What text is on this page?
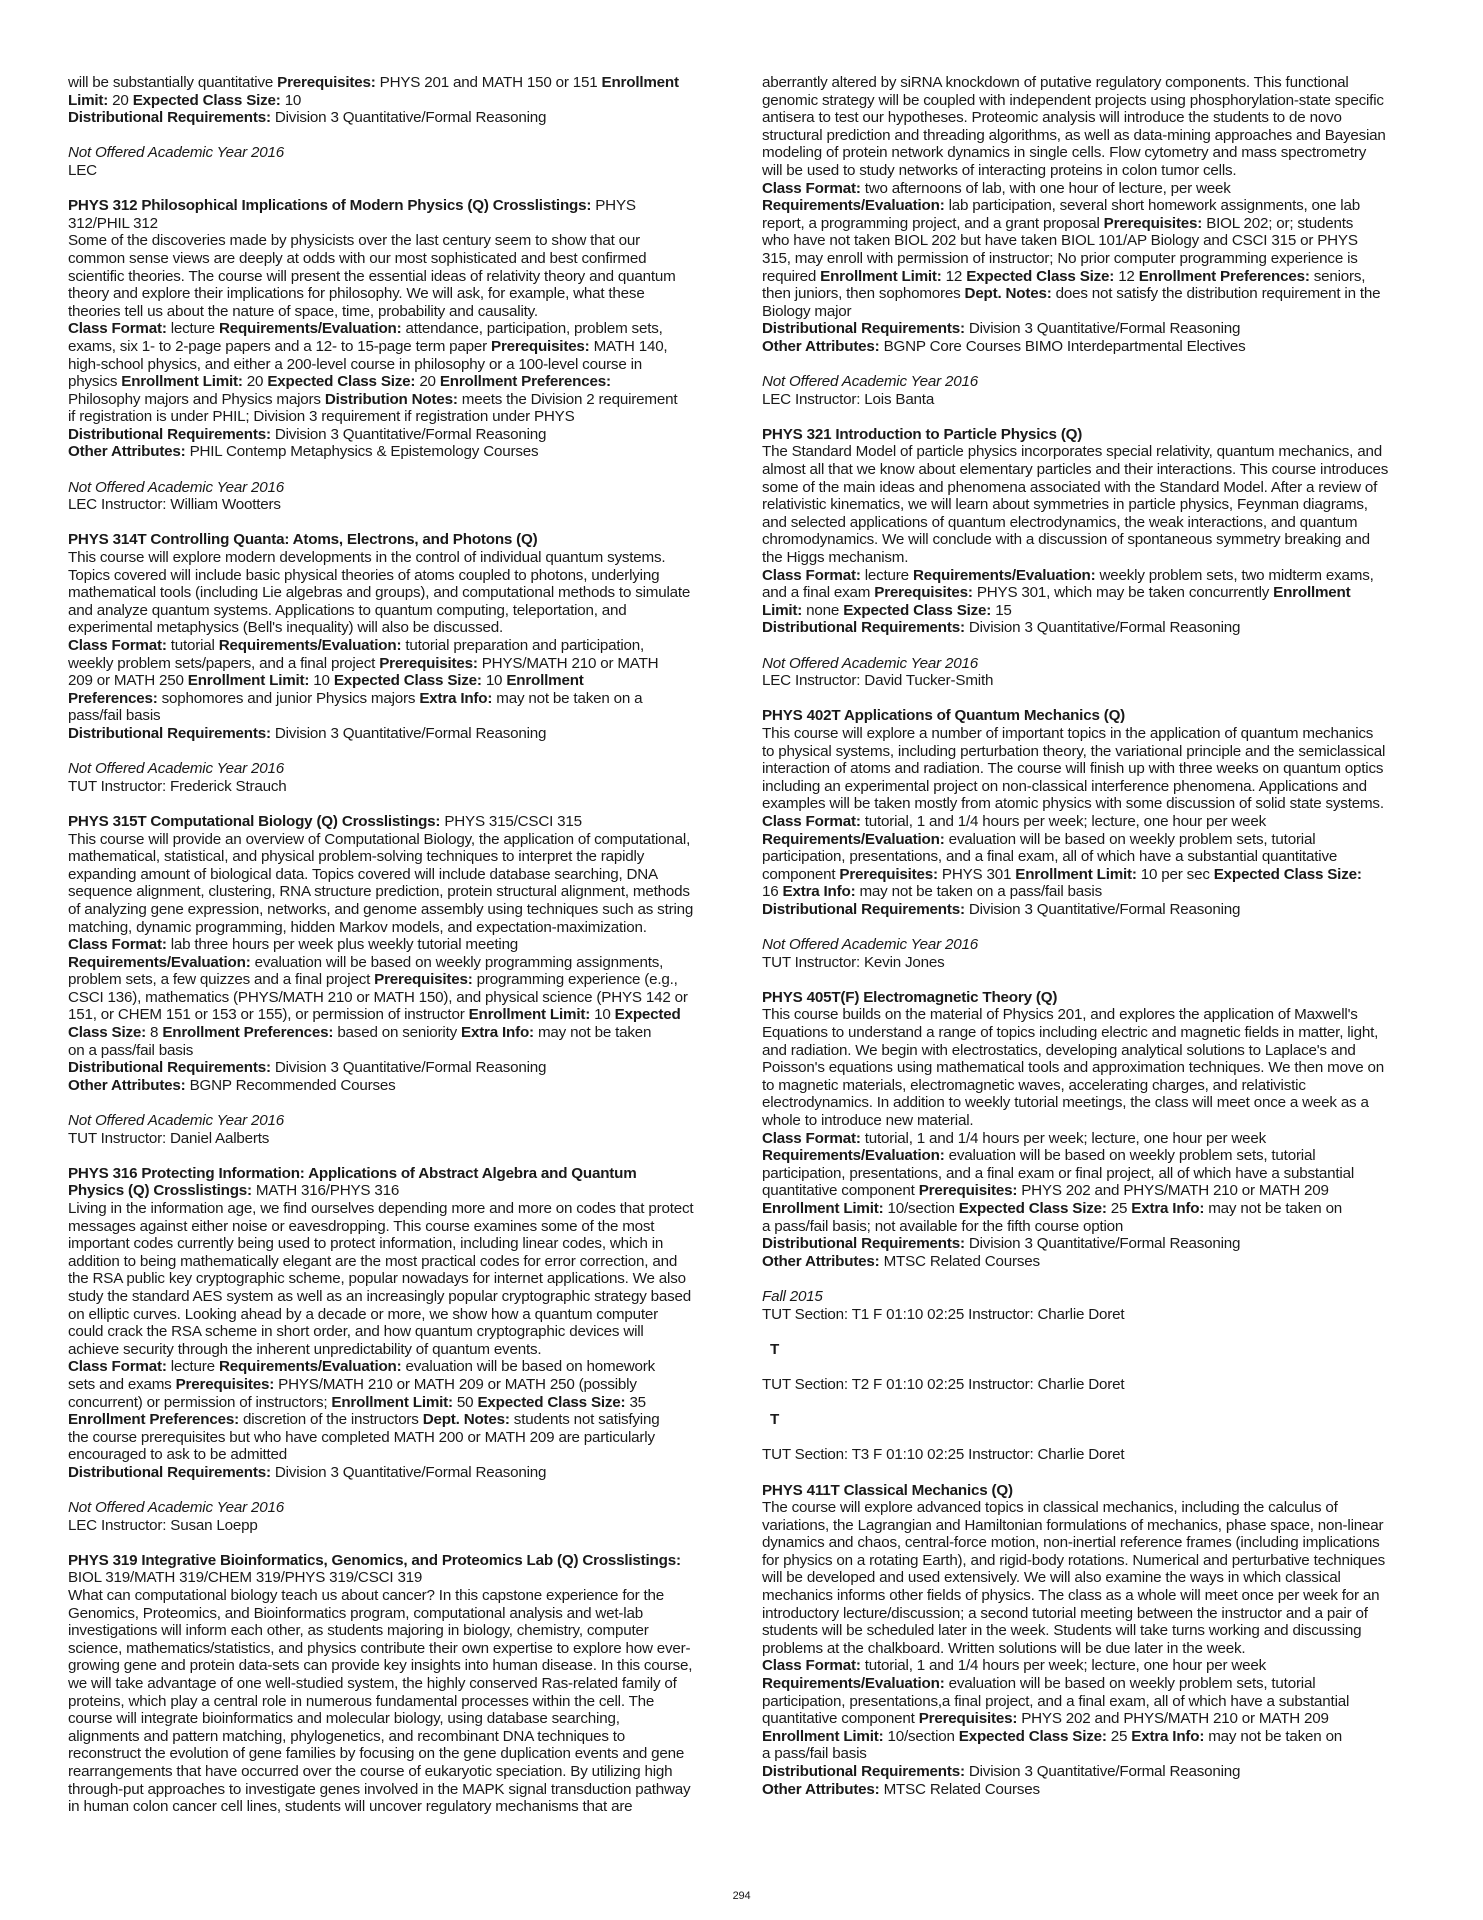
will be substantially quantitative Prerequisites: PHYS 201 and MATH 150 or 151 Enrollment

Limit: 20 Expected Class Size: 10

Distributional Requirements: Division 3 Quantitative/Formal Reasoning

Not Offered Academic Year 2016

LEC

PHYS 312 Philosophical Implications of Modern Physics (Q) Crosslistings: PHYS

312/PHIL 312

Some of the discoveries made by physicists over the last century seem to show that our

common sense views are deeply at odds with our most sophisticated and best confirmed

scientific theories. The course will present the essential ideas of relativity theory and quantum

theory and explore their implications for philosophy. We will ask, for example, what these

theories tell us about the nature of space, time, probability and causality.

Class Format: lecture Requirements/Evaluation: attendance, participation, problem sets,

exams, six 1- to 2-page papers and a 12- to 15-page term paper Prerequisites: MATH 140,

high-school physics, and either a 200-level course in philosophy or a 100-level course in

physics Enrollment Limit: 20 Expected Class Size: 20 Enrollment Preferences:

Philosophy majors and Physics majors Distribution Notes: meets the Division 2 requirement

if registration is under PHIL; Division 3 requirement if registration under PHYS

Distributional Requirements: Division 3 Quantitative/Formal Reasoning

Other Attributes: PHIL Contemp Metaphysics & Epistemology Courses

Not Offered Academic Year 2016

LEC Instructor: William Wootters

PHYS 314T Controlling Quanta: Atoms, Electrons, and Photons (Q)

This course will explore modern developments in the control of individual quantum systems.

Topics covered will include basic physical theories of atoms coupled to photons, underlying

mathematical tools (including Lie algebras and groups), and computational methods to simulate

and analyze quantum systems. Applications to quantum computing, teleportation, and

experimental metaphysics (Bell's inequality) will also be discussed.

Class Format: tutorial Requirements/Evaluation: tutorial preparation and participation,

weekly problem sets/papers, and a final project Prerequisites: PHYS/MATH 210 or MATH

209 or MATH 250 Enrollment Limit: 10 Expected Class Size: 10 Enrollment

Preferences: sophomores and junior Physics majors Extra Info: may not be taken on a

pass/fail basis

Distributional Requirements: Division 3 Quantitative/Formal Reasoning

Not Offered Academic Year 2016

TUT Instructor: Frederick Strauch

PHYS 315T Computational Biology (Q) Crosslistings: PHYS 315/CSCI 315

This course will provide an overview of Computational Biology, the application of computational,

mathematical, statistical, and physical problem-solving techniques to interpret the rapidly

expanding amount of biological data. Topics covered will include database searching, DNA

sequence alignment, clustering, RNA structure prediction, protein structural alignment, methods

of analyzing gene expression, networks, and genome assembly using techniques such as string

matching, dynamic programming, hidden Markov models, and expectation-maximization.

Class Format: lab three hours per week plus weekly tutorial meeting

Requirements/Evaluation: evaluation will be based on weekly programming assignments,

problem sets, a few quizzes and a final project Prerequisites: programming experience (e.g.,

CSCI 136), mathematics (PHYS/MATH 210 or MATH 150), and physical science (PHYS 142 or

151, or CHEM 151 or 153 or 155), or permission of instructor Enrollment Limit: 10 Expected

Class Size: 8 Enrollment Preferences: based on seniority Extra Info: may not be taken

on a pass/fail basis

Distributional Requirements: Division 3 Quantitative/Formal Reasoning

Other Attributes: BGNP Recommended Courses

Not Offered Academic Year 2016

TUT Instructor: Daniel Aalberts

PHYS 316 Protecting Information: Applications of Abstract Algebra and Quantum

Physics (Q) Crosslistings: MATH 316/PHYS 316

Living in the information age, we find ourselves depending more and more on codes that protect

messages against either noise or eavesdropping. This course examines some of the most

important codes currently being used to protect information, including linear codes, which in

addition to being mathematically elegant are the most practical codes for error correction, and

the RSA public key cryptographic scheme, popular nowadays for internet applications. We also

study the standard AES system as well as an increasingly popular cryptographic strategy based

on elliptic curves. Looking ahead by a decade or more, we show how a quantum computer

could crack the RSA scheme in short order, and how quantum cryptographic devices will

achieve security through the inherent unpredictability of quantum events.

Class Format: lecture Requirements/Evaluation: evaluation will be based on homework

sets and exams Prerequisites: PHYS/MATH 210 or MATH 209 or MATH 250 (possibly

concurrent) or permission of instructors; Enrollment Limit: 50 Expected Class Size: 35

Enrollment Preferences: discretion of the instructors Dept. Notes: students not satisfying

the course prerequisites but who have completed MATH 200 or MATH 209 are particularly

encouraged to ask to be admitted

Distributional Requirements: Division 3 Quantitative/Formal Reasoning

Not Offered Academic Year 2016

LEC Instructor: Susan Loepp

PHYS 319 Integrative Bioinformatics, Genomics, and Proteomics Lab (Q) Crosslistings:

BIOL 319/MATH 319/CHEM 319/PHYS 319/CSCI 319

What can computational biology teach us about cancer? In this capstone experience for the

Genomics, Proteomics, and Bioinformatics program, computational analysis and wet-lab

investigations will inform each other, as students majoring in biology, chemistry, computer

science, mathematics/statistics, and physics contribute their own expertise to explore how ever-

growing gene and protein data-sets can provide key insights into human disease. In this course,

we will take advantage of one well-studied system, the highly conserved Ras-related family of

proteins, which play a central role in numerous fundamental processes within the cell. The

course will integrate bioinformatics and molecular biology, using database searching,

alignments and pattern matching, phylogenetics, and recombinant DNA techniques to

reconstruct the evolution of gene families by focusing on the gene duplication events and gene

rearrangements that have occurred over the course of eukaryotic speciation. By utilizing high

through-put approaches to investigate genes involved in the MAPK signal transduction pathway

in human colon cancer cell lines, students will uncover regulatory mechanisms that are

aberrantly altered by siRNA knockdown of putative regulatory components. This functional

genomic strategy will be coupled with independent projects using phosphorylation-state specific

antisera to test our hypotheses. Proteomic analysis will introduce the students to de novo

structural prediction and threading algorithms, as well as data-mining approaches and Bayesian

modeling of protein network dynamics in single cells. Flow cytometry and mass spectrometry

will be used to study networks of interacting proteins in colon tumor cells.

Class Format: two afternoons of lab, with one hour of lecture, per week

Requirements/Evaluation: lab participation, several short homework assignments, one lab

report, a programming project, and a grant proposal Prerequisites: BIOL 202; or; students

who have not taken BIOL 202 but have taken BIOL 101/AP Biology and CSCI 315 or PHYS

315, may enroll with permission of instructor; No prior computer programming experience is

required Enrollment Limit: 12 Expected Class Size: 12 Enrollment Preferences: seniors,

then juniors, then sophomores Dept. Notes: does not satisfy the distribution requirement in the

Biology major

Distributional Requirements: Division 3 Quantitative/Formal Reasoning

Other Attributes: BGNP Core Courses BIMO Interdepartmental Electives

Not Offered Academic Year 2016

LEC Instructor: Lois Banta

PHYS 321 Introduction to Particle Physics (Q)

The Standard Model of particle physics incorporates special relativity, quantum mechanics, and

almost all that we know about elementary particles and their interactions. This course introduces

some of the main ideas and phenomena associated with the Standard Model. After a review of

relativistic kinematics, we will learn about symmetries in particle physics, Feynman diagrams,

and selected applications of quantum electrodynamics, the weak interactions, and quantum

chromodynamics. We will conclude with a discussion of spontaneous symmetry breaking and

the Higgs mechanism.

Class Format: lecture Requirements/Evaluation: weekly problem sets, two midterm exams,

and a final exam Prerequisites: PHYS 301, which may be taken concurrently Enrollment

Limit: none Expected Class Size: 15

Distributional Requirements: Division 3 Quantitative/Formal Reasoning

Not Offered Academic Year 2016

LEC Instructor: David Tucker-Smith

PHYS 402T Applications of Quantum Mechanics (Q)

This course will explore a number of important topics in the application of quantum mechanics

to physical systems, including perturbation theory, the variational principle and the semiclassical

interaction of atoms and radiation. The course will finish up with three weeks on quantum optics

including an experimental project on non-classical interference phenomena. Applications and

examples will be taken mostly from atomic physics with some discussion of solid state systems.

Class Format: tutorial, 1 and 1/4 hours per week; lecture, one hour per week

Requirements/Evaluation: evaluation will be based on weekly problem sets, tutorial

participation, presentations, and a final exam, all of which have a substantial quantitative

component Prerequisites: PHYS 301 Enrollment Limit: 10 per sec Expected Class Size:

16 Extra Info: may not be taken on a pass/fail basis

Distributional Requirements: Division 3 Quantitative/Formal Reasoning

Not Offered Academic Year 2016

TUT Instructor: Kevin Jones

PHYS 405T(F) Electromagnetic Theory (Q)

This course builds on the material of Physics 201, and explores the application of Maxwell's

Equations to understand a range of topics including electric and magnetic fields in matter, light,

and radiation. We begin with electrostatics, developing analytical solutions to Laplace's and

Poisson's equations using mathematical tools and approximation techniques. We then move on

to magnetic materials, electromagnetic waves, accelerating charges, and relativistic

electrodynamics. In addition to weekly tutorial meetings, the class will meet once a week as a

whole to introduce new material.

Class Format: tutorial, 1 and 1/4 hours per week; lecture, one hour per week

Requirements/Evaluation: evaluation will be based on weekly problem sets, tutorial

participation, presentations, and a final exam or final project, all of which have a substantial

quantitative component Prerequisites: PHYS 202 and PHYS/MATH 210 or MATH 209

Enrollment Limit: 10/section Expected Class Size: 25 Extra Info: may not be taken on

a pass/fail basis; not available for the fifth course option

Distributional Requirements: Division 3 Quantitative/Formal Reasoning

Other Attributes: MTSC Related Courses

Fall 2015

TUT Section: T1 F 01:10 02:25 Instructor: Charlie Doret

T

TUT Section: T2 F 01:10 02:25 Instructor: Charlie Doret

T

TUT Section: T3 F 01:10 02:25 Instructor: Charlie Doret

PHYS 411T Classical Mechanics (Q)

The course will explore advanced topics in classical mechanics, including the calculus of

variations, the Lagrangian and Hamiltonian formulations of mechanics, phase space, non-linear

dynamics and chaos, central-force motion, non-inertial reference frames (including implications

for physics on a rotating Earth), and rigid-body rotations. Numerical and perturbative techniques

will be developed and used extensively. We will also examine the ways in which classical

mechanics informs other fields of physics. The class as a whole will meet once per week for an

introductory lecture/discussion; a second tutorial meeting between the instructor and a pair of

students will be scheduled later in the week. Students will take turns working and discussing

problems at the chalkboard. Written solutions will be due later in the week.

Class Format: tutorial, 1 and 1/4 hours per week; lecture, one hour per week

Requirements/Evaluation: evaluation will be based on weekly problem sets, tutorial

participation, presentations,a final project, and a final exam, all of which have a substantial

quantitative component Prerequisites: PHYS 202 and PHYS/MATH 210 or MATH 209

Enrollment Limit: 10/section Expected Class Size: 25 Extra Info: may not be taken on

a pass/fail basis

Distributional Requirements: Division 3 Quantitative/Formal Reasoning

Other Attributes: MTSC Related Courses

294
